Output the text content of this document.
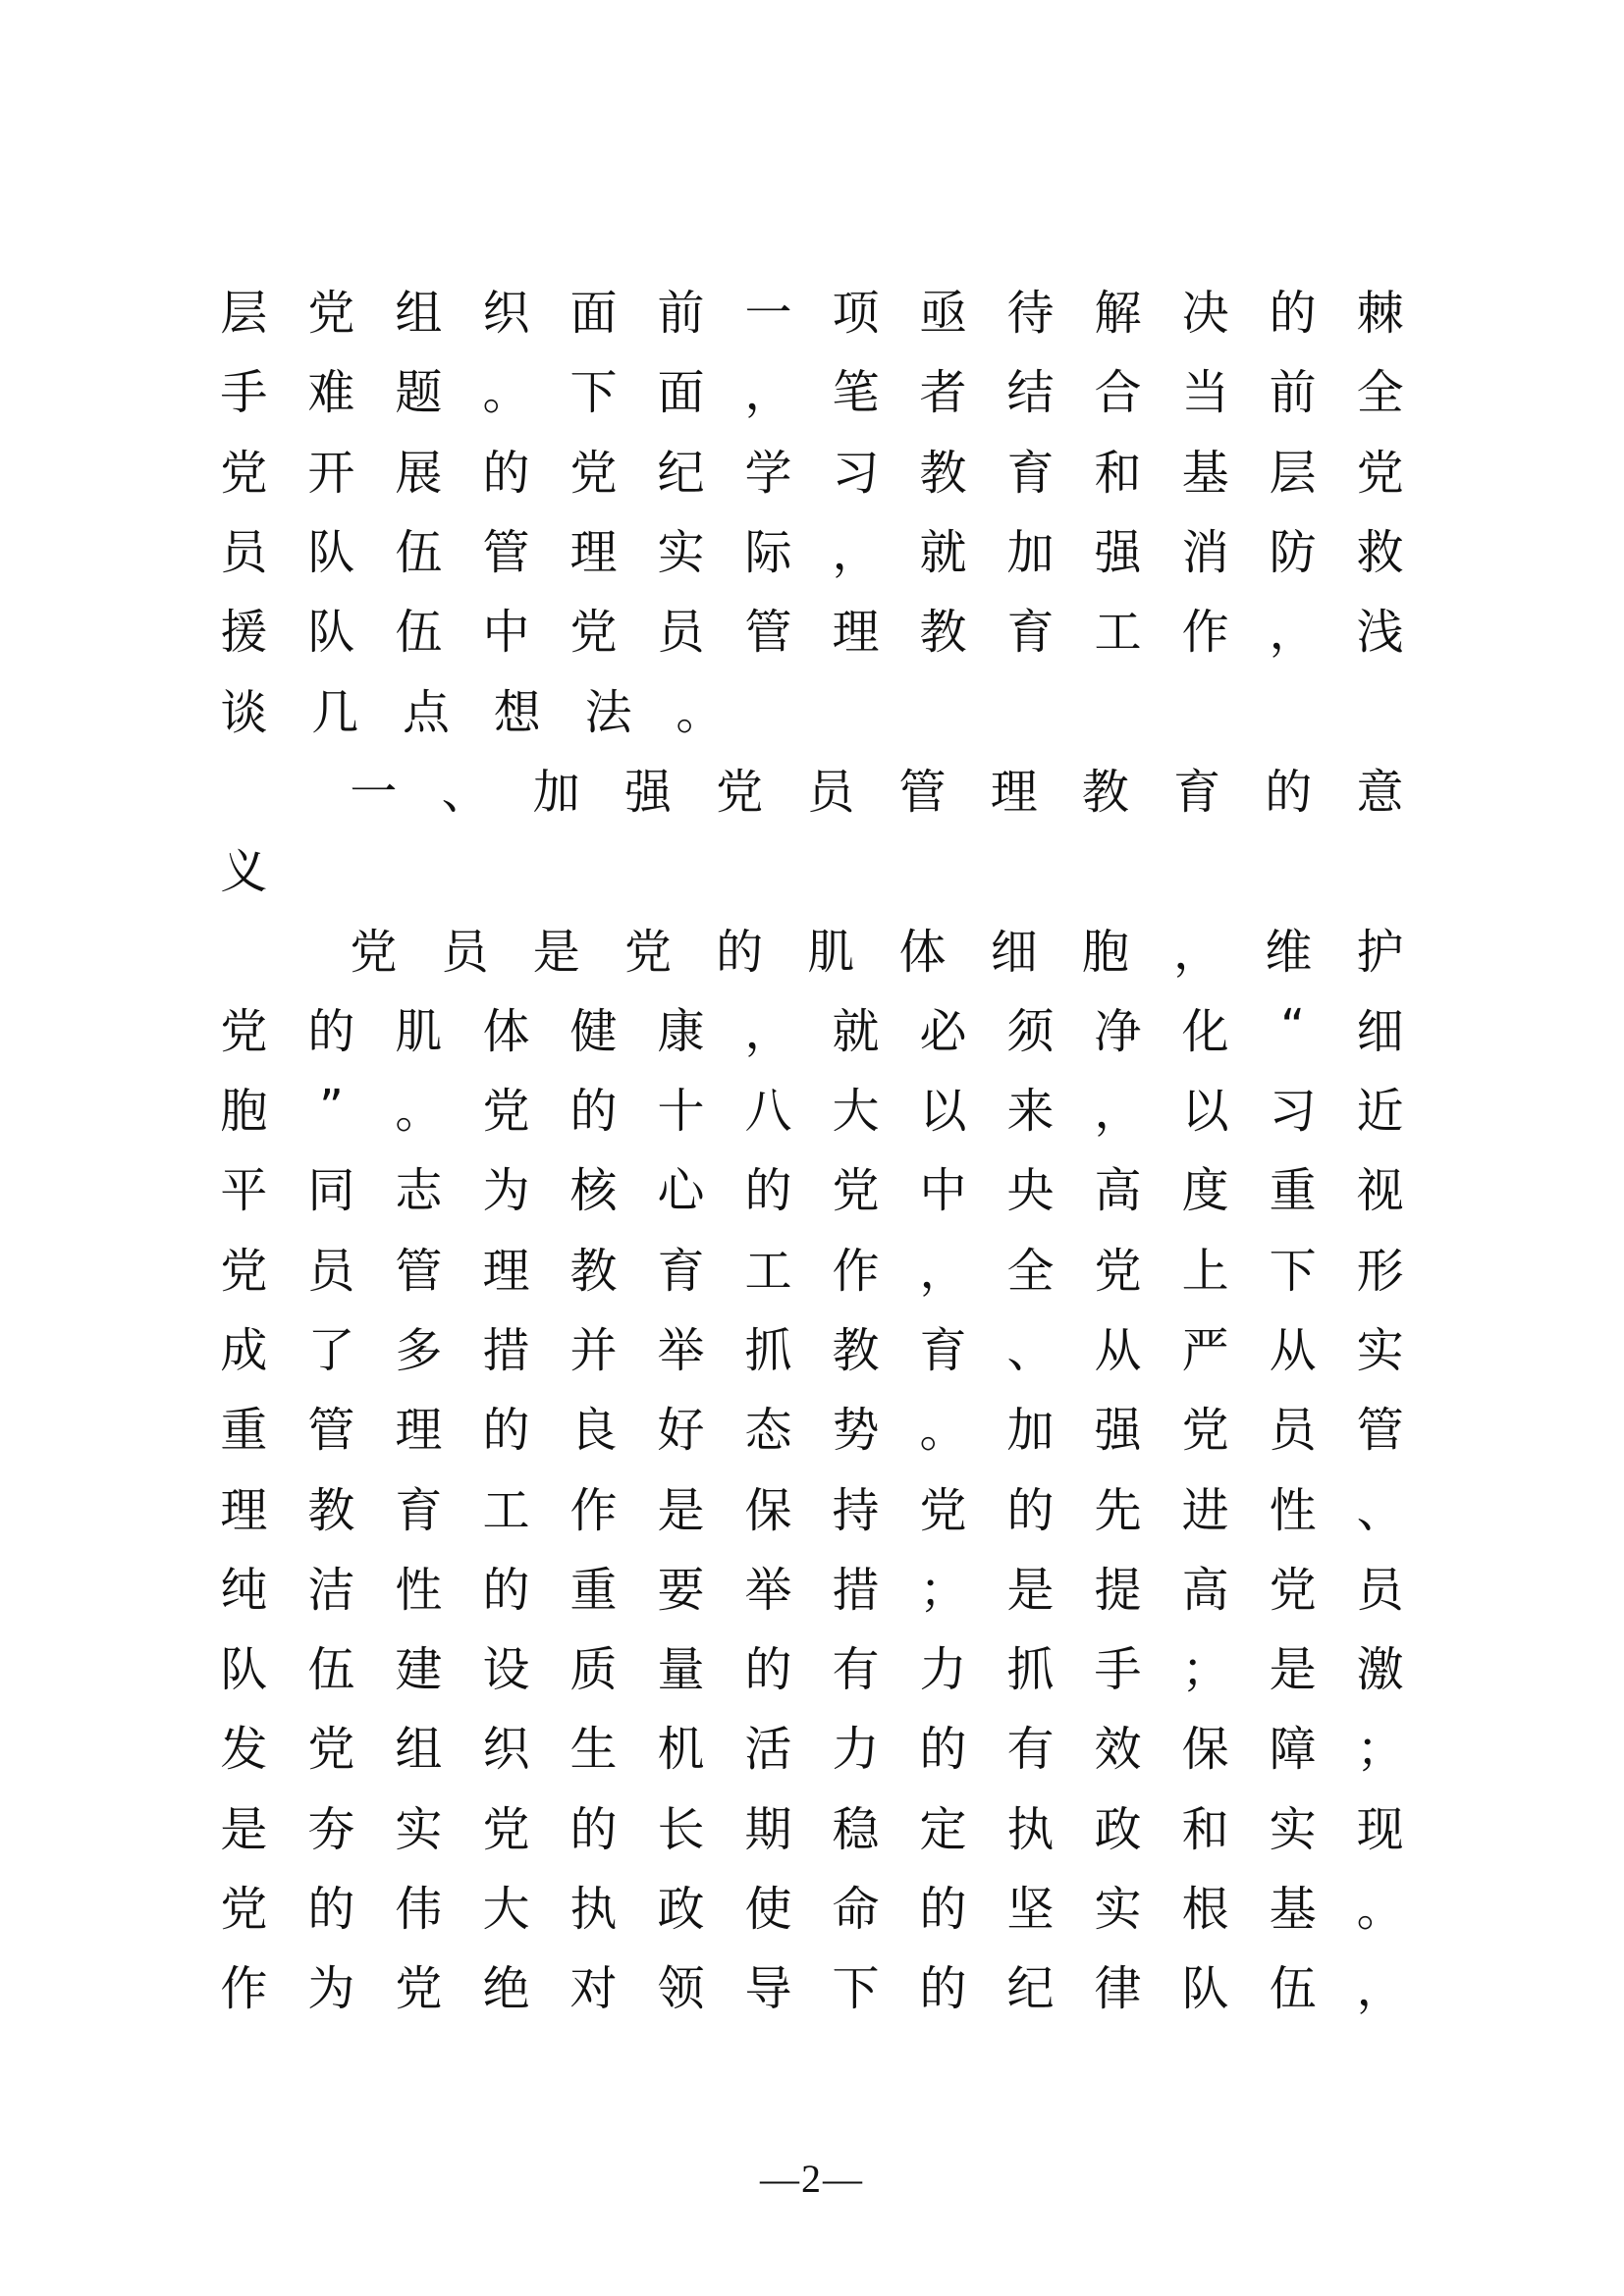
层 党 组 织 面 前 一 项 亟 待 解 决 的 棘
手 难 题 。 下 面 ， 笔 者 结 合 当 前 全
党 开 展 的 党 纪 学 习 教 育 和 基 层 党
员 队 伍 管 理 实 际 ， 就 加 强 消 防 救
援 队 伍 中 党 员 管 理 教 育 工 作 ， 浅
谈 几 点 想 法 。
一 、 加 强 党 员 管 理 教 育 的 意
义
党 员 是 党 的 肌 体 细 胞 ， 维 护
党 的 肌 体 健 康 ， 就 必 须 净 化 “ 细
胞 ” 。 党 的 十 八 大 以 来 ， 以 习 近
平 同 志 为 核 心 的 党 中 央 高 度 重 视
党 员 管 理 教 育 工 作 ， 全 党 上 下 形
成 了 多 措 并 举 抓 教 育 、 从 严 从 实
重 管 理 的 良 好 态 势 。 加 强 党 员 管
理 教 育 工 作 是 保 持 党 的 先 进 性 、
纯 洁 性 的 重 要 举 措 ； 是 提 高 党 员
队 伍 建 设 质 量 的 有 力 抓 手 ； 是 激
发 党 组 织 生 机 活 力 的 有 效 保 障 ；
是 夯 实 党 的 长 期 稳 定 执 政 和 实 现
党 的 伟 大 执 政 使 命 的 坚 实 根 基 。
作 为 党 绝 对 领 导 下 的 纪 律 队 伍 ，
—2—
